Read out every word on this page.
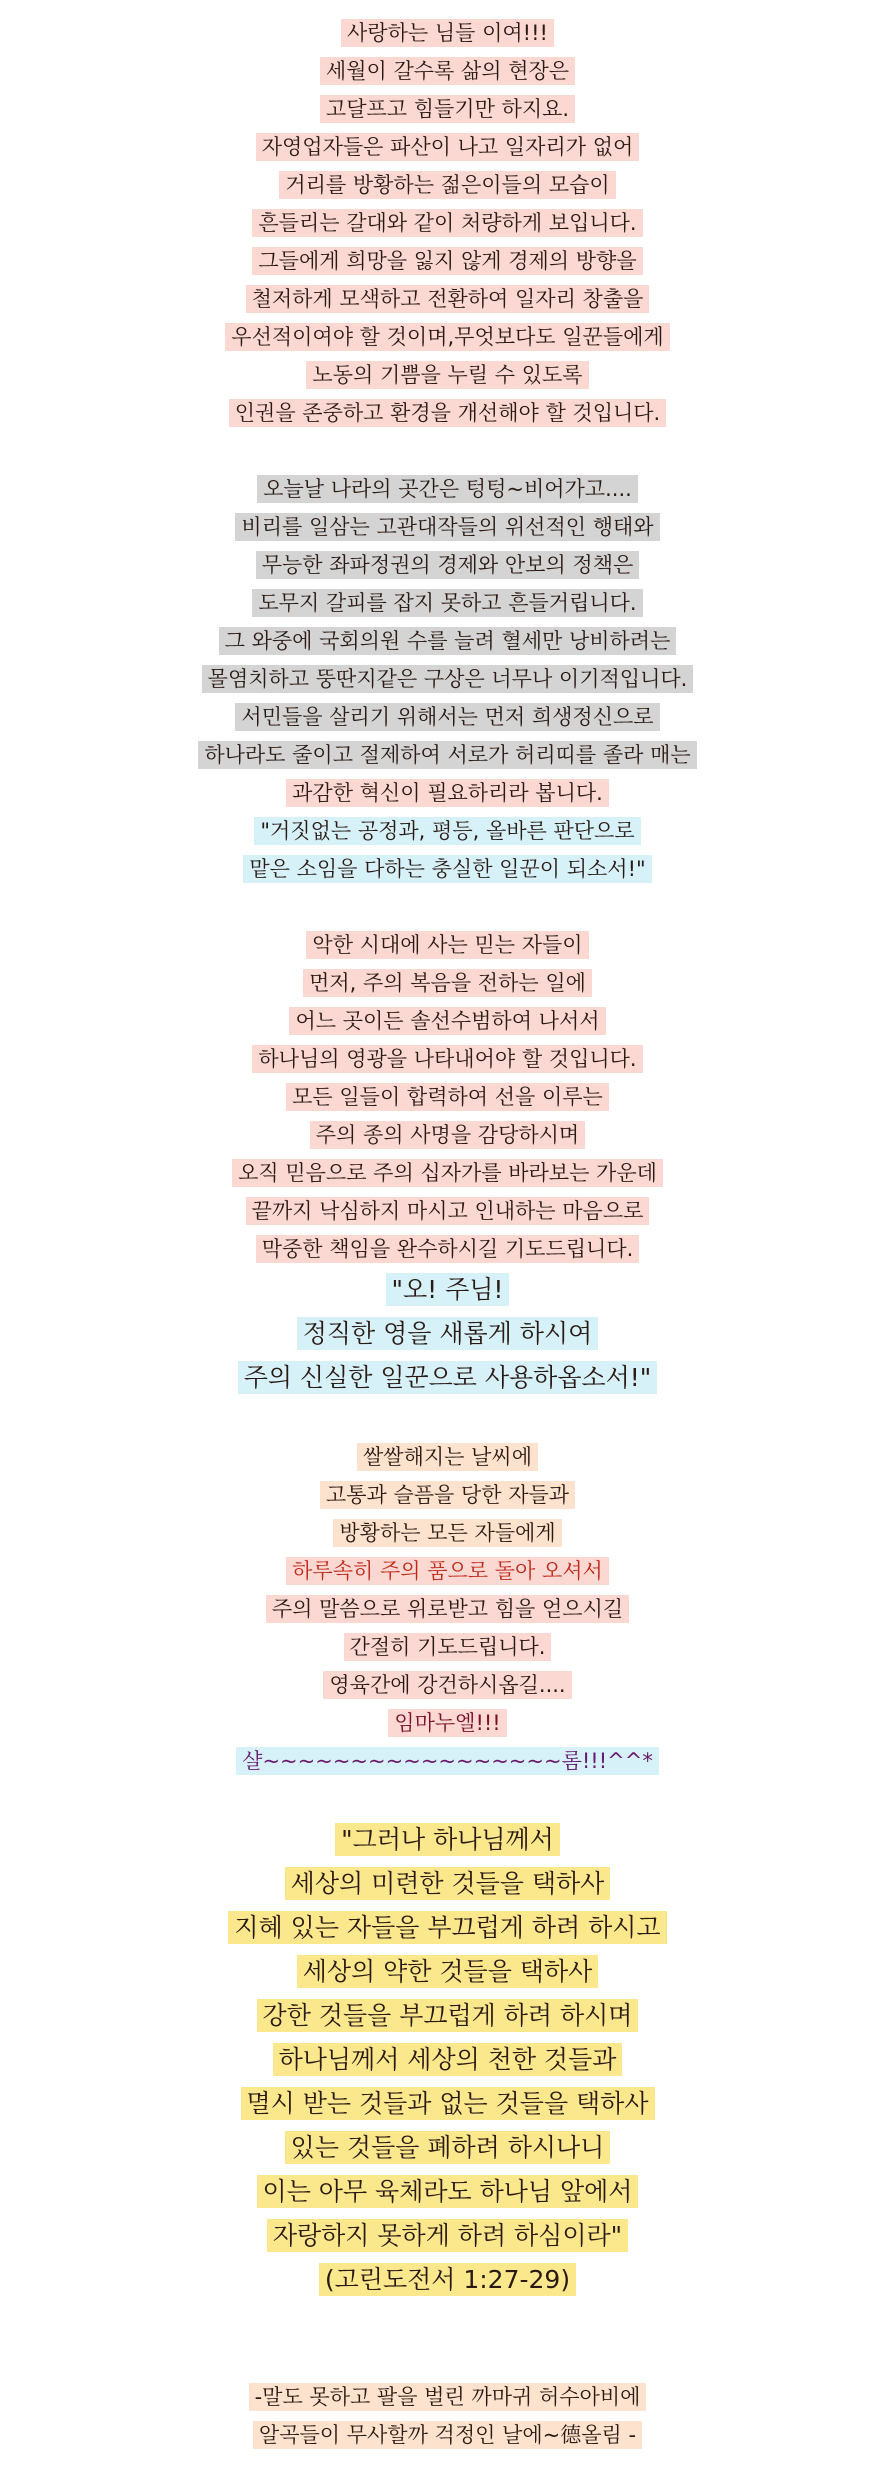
사랑하는 님들 이여!!!
세월이 갈수록 삶의 현장은
고달프고 힘들기만 하지요.
자영업자들은 파산이 나고 일자리가 없어
거리를 방황하는 젊은이들의 모습이
흔들리는 갈대와 같이 처량하게 보입니다.
그들에게 희망을 잃지 않게 경제의 방향을
철저하게 모색하고 전환하여 일자리 창출을
우선적이여야 할 것이며,무엇보다도 일꾼들에게
노동의 기쁨을 누릴 수 있도록
인권을 존중하고 환경을 개선해야 할 것입니다.
오늘날 나라의 곳간은 텅텅~비어가고....
비리를 일삼는 고관대작들의 위선적인 행태와
무능한 좌파정권의 경제와 안보의 정책은
도무지 갈피를 잡지 못하고 흔들거립니다.
그 와중에 국회의원 수를 늘려 혈세만 낭비하려는
몰염치하고 뚱딴지같은 구상은 너무나 이기적입니다.
서민들을 살리기 위해서는 먼저 희생정신으로
하나라도 줄이고 절제하여 서로가 허리띠를 졸라 매는
과감한 혁신이 필요하리라 봅니다.
"거짓없는 공정과, 평등, 올바른 판단으로
맡은 소임을 다하는 충실한 일꾼이 되소서!"
악한 시대에 사는 믿는 자들이
먼저, 주의 복음을 전하는 일에
어느 곳이든 솔선수범하여 나서서
하나님의 영광을 나타내어야 할 것입니다.
모든 일들이 합력하여 선을 이루는
주의 종의 사명을 감당하시며
오직 믿음으로 주의 십자가를 바라보는 가운데
끝까지 낙심하지 마시고 인내하는 마음으로
막중한 책임을 완수하시길 기도드립니다.
"오! 주님!
정직한 영을 새롭게 하시여
주의 신실한 일꾼으로 사용하옵소서!"
쌀쌀해지는 날씨에
고통과 슬픔을 당한 자들과
방황하는 모든 자들에게
하루속히 주의 품으로 돌아 오셔서
주의 말씀으로 위로받고 힘을 얻으시길
간절히 기도드립니다.
영육간에 강건하시옵길....
임마누엘!!!
샬~~~~~~~~~~~~~~~~~롬!!!^^*
"그러나 하나님께서
세상의 미련한 것들을 택하사
지혜 있는 자들을 부끄럽게 하려 하시고
세상의 약한 것들을 택하사
강한 것들을 부끄럽게 하려 하시며
하나님께서 세상의 천한 것들과
멸시 받는 것들과 없는 것들을 택하사
있는 것들을 폐하려 하시나니
이는 아무 육체라도 하나님 앞에서
자랑하지 못하게 하려 하심이라"
(고린도전서 1:27-29)
-말도 못하고 팔을 벌린 까마귀 허수아비에
알곡들이 무사할까 걱정인 날에~德올림 -
